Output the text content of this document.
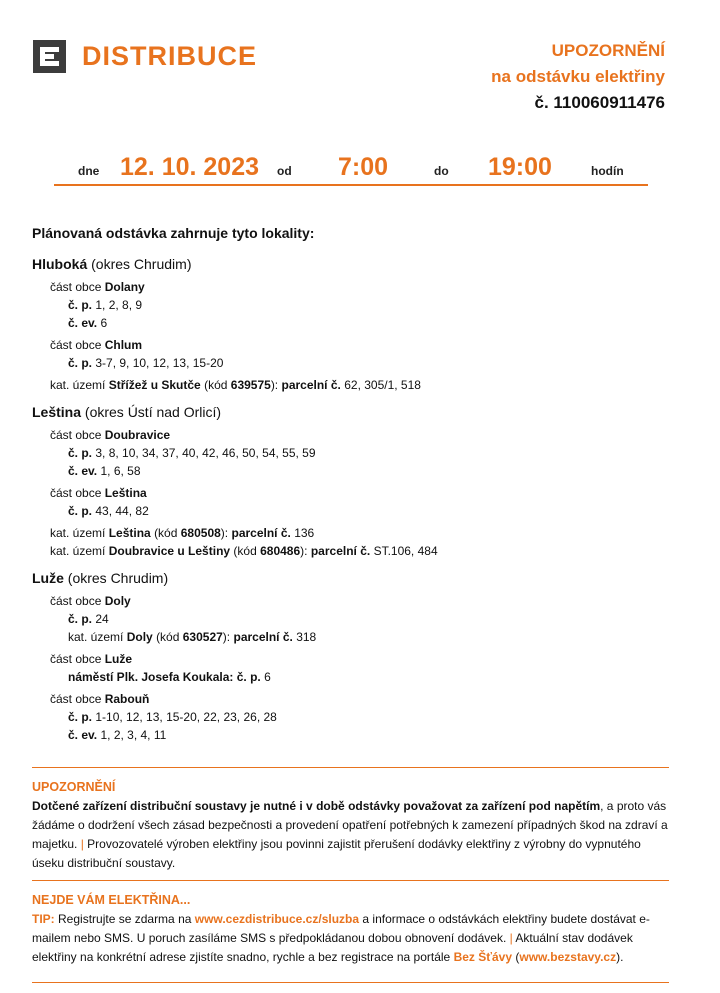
DISTRIBUCE	UPOZORNĚNÍ
na odstávku elektřiny
č. 110060911476
dne 12. 10. 2023 od 7:00	do 19:00	hodín
Plánovaná odstávka zahrnuje tyto lokality:
Hluboká (okres Chrudim)
část obce Dolany
č. p. 1, 2, 8, 9
č. ev. 6
část obce Chlum
č. p. 3-7, 9, 10, 12, 13, 15-20
kat. území Střížež u Skutče (kód 639575): parcelní č. 62, 305/1, 518
Leština (okres Ústí nad Orlicí)
část obce Doubravice
č. p. 3, 8, 10, 34, 37, 40, 42, 46, 50, 54, 55, 59
č. ev. 1, 6, 58
část obce Leština
č. p. 43, 44, 82
kat. území Leština (kód 680508): parcelní č. 136
kat. území Doubravice u Leštiny (kód 680486): parcelní č. ST.106, 484
Luže (okres Chrudim)
část obce Doly
č. p. 24
kat. území Doly (kód 630527): parcelní č. 318
část obce Luže
náměstí Plk. Josefa Koukala: č. p. 6
část obce Rabouň
č. p. 1-10, 12, 13, 15-20, 22, 23, 26, 28
č. ev. 1, 2, 3, 4, 11
UPOZORNĚNÍ
Dotčené zařízení distribuční soustavy je nutné i v době odstávky považovat za zařízení pod napětím, a proto vás žádáme o dodržení všech zásad bezpečnosti a provedení opatření potřebných k zamezení případných škod na zdraví a majetku. | Provozovatelé výroben elektřiny jsou povinni zajistit přerušení dodávky elektřiny z výrobny do vypnutého úseku distribuční soustavy.
NEJDE VÁM ELEKTŘINA...
TIP: Registrujte se zdarma na www.cezdistribuce.cz/sluzba a informace o odstávkách elektřiny budete dostávat e-mailem nebo SMS. U poruch zasíláme SMS s předpokládanou dobou obnovení dodávek. | Aktuální stav dodávek elektřiny na konkrétní adrese zjistíte snadno, rychle a bez registrace na portále Bez Šťávy (www.bezstavy.cz).
